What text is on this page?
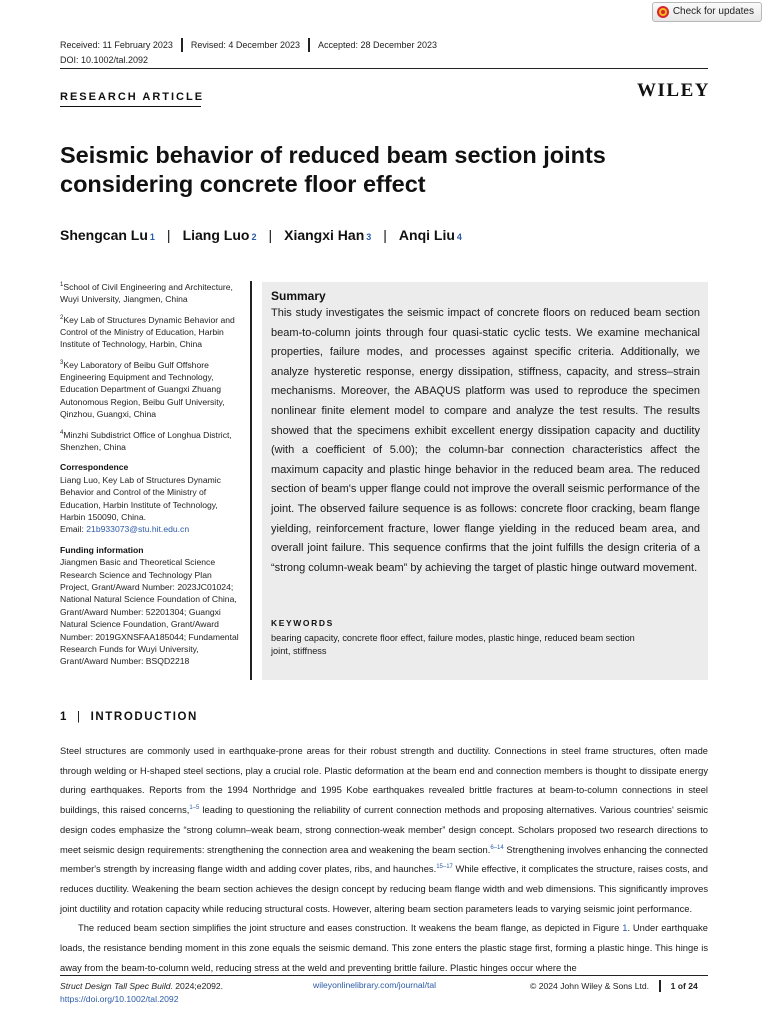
Check for updates
Received: 11 February 2023 Revised: 4 December 2023 Accepted: 28 December 2023
DOI: 10.1002/tal.2092
RESEARCH ARTICLE	WILEY
Seismic behavior of reduced beam section joints considering concrete floor effect
Shengcan Lu 1 | Liang Luo 2 | Xiangxi Han 3 | Anqi Liu 4

$^1$School of Civil Engineering and Architecture, Wuyi University, Jiangmen, China

$^2$Key Lab of Structures Dynamic Behavior and Control of the Ministry of Education, Harbin Institute of Technology, Harbin, China

$^3$Key Laboratory of Beibu Gulf Offshore Engineering Equipment and Technology, Education Department of Guangxi Zhuang Autonomous Region, Beibu Gulf University, Qinzhou, Guangxi, China

$^4$Minzhi Subdistrict Office of Longhua District, Shenzhen, China

Correspondence

Liang Luo, Key Lab of Structures Dynamic Behavior and Control of the Ministry of Education, Harbin Institute of Technology, Harbin 150090, China.
Email: 21b933073@stu.hit.edu.cn

Funding information

Jiangmen Basic and Theoretical Science Research Science and Technology Plan Project, Grant/Award Number: 2023JC01024; National Natural Science Foundation of China, Grant/Award Number: 52201304; Guangxi Natural Science Foundation, Grant/Award Number: 2019GXNSFAA185044; Fundamental Research Funds for Wuyi University, Grant/Award Number: BSQD2218

Summary
This study investigates the seismic impact of concrete floors on reduced beam section beam-to-column joints through four quasi-static cyclic tests. We examine mechanical properties, failure modes, and processes against specific criteria. Additionally, we analyze hysteretic response, energy dissipation, stiffness, capacity, and stress–strain mechanisms. Moreover, the ABAQUS platform was used to reproduce the specimen nonlinear finite element model to compare and analyze the test results. The results showed that the specimens exhibit excellent energy dissipation capacity and ductility (with a coefficient of 5.00); the column-bar connection characteristics affect the maximum capacity and plastic hinge behavior in the reduced beam area. The reduced section of beam's upper flange could not improve the overall seismic performance of the joint. The observed failure sequence is as follows: concrete floor cracking, beam flange yielding, reinforcement fracture, lower flange yielding in the reduced beam area, and overall joint failure. This sequence confirms that the joint fulfills the design criteria of a “strong column-weak beam” by achieving the target of plastic hinge outward movement.
KEYWORDS
bearing capacity, concrete floor effect, failure modes, plastic hinge, reduced beam section joint, stiffness
1 | INTRODUCTION

Steel structures are commonly used in earthquake-prone areas for their robust strength and ductility. Connections in steel frame structures, often made through welding or H-shaped steel sections, play a crucial role. Plastic deformation at the beam end and connection members is thought to dissipate energy during earthquakes. Reports from the 1994 Northridge and 1995 Kobe earthquakes revealed brittle fractures at beam-to-column connections in steel buildings, this raised concerns,$^{1-5}$ leading to questioning the reliability of current connection methods and proposing alternatives. Various countries' seismic design codes emphasize the “strong column–weak beam, strong connection-weak member” design concept. Scholars proposed two research directions to meet seismic design requirements: strengthening the connection area and weakening the beam section.$^{6-14}$ Strengthening involves enhancing the connected member's strength by increasing flange width and adding cover plates, ribs, and haunches.$^{15-17}$ While effective, it complicates the structure, raises costs, and reduces ductility. Weakening the beam section achieves the design concept by reducing beam flange width and web dimensions. This significantly improves joint ductility and rotation capacity while reducing structural costs. However, altering beam section parameters leads to varying seismic joint performance.

The reduced beam section simplifies the joint structure and eases construction. It weakens the beam flange, as depicted in Figure 1. Under earthquake loads, the resistance bending moment in this zone equals the seismic demand. This zone enters the plastic stage first, forming a plastic hinge. This hinge is away from the beam-to-column weld, reducing stress at the weld and preventing brittle failure. Plastic hinges occur where the

Struct Design Tall Spec Build. 2024;e2092.
https://doi.org/10.1002/tal.2092
wileyonlinelibrary.com/journal/tal	© 2024 John Wiley & Sons Ltd.	1 of 24
